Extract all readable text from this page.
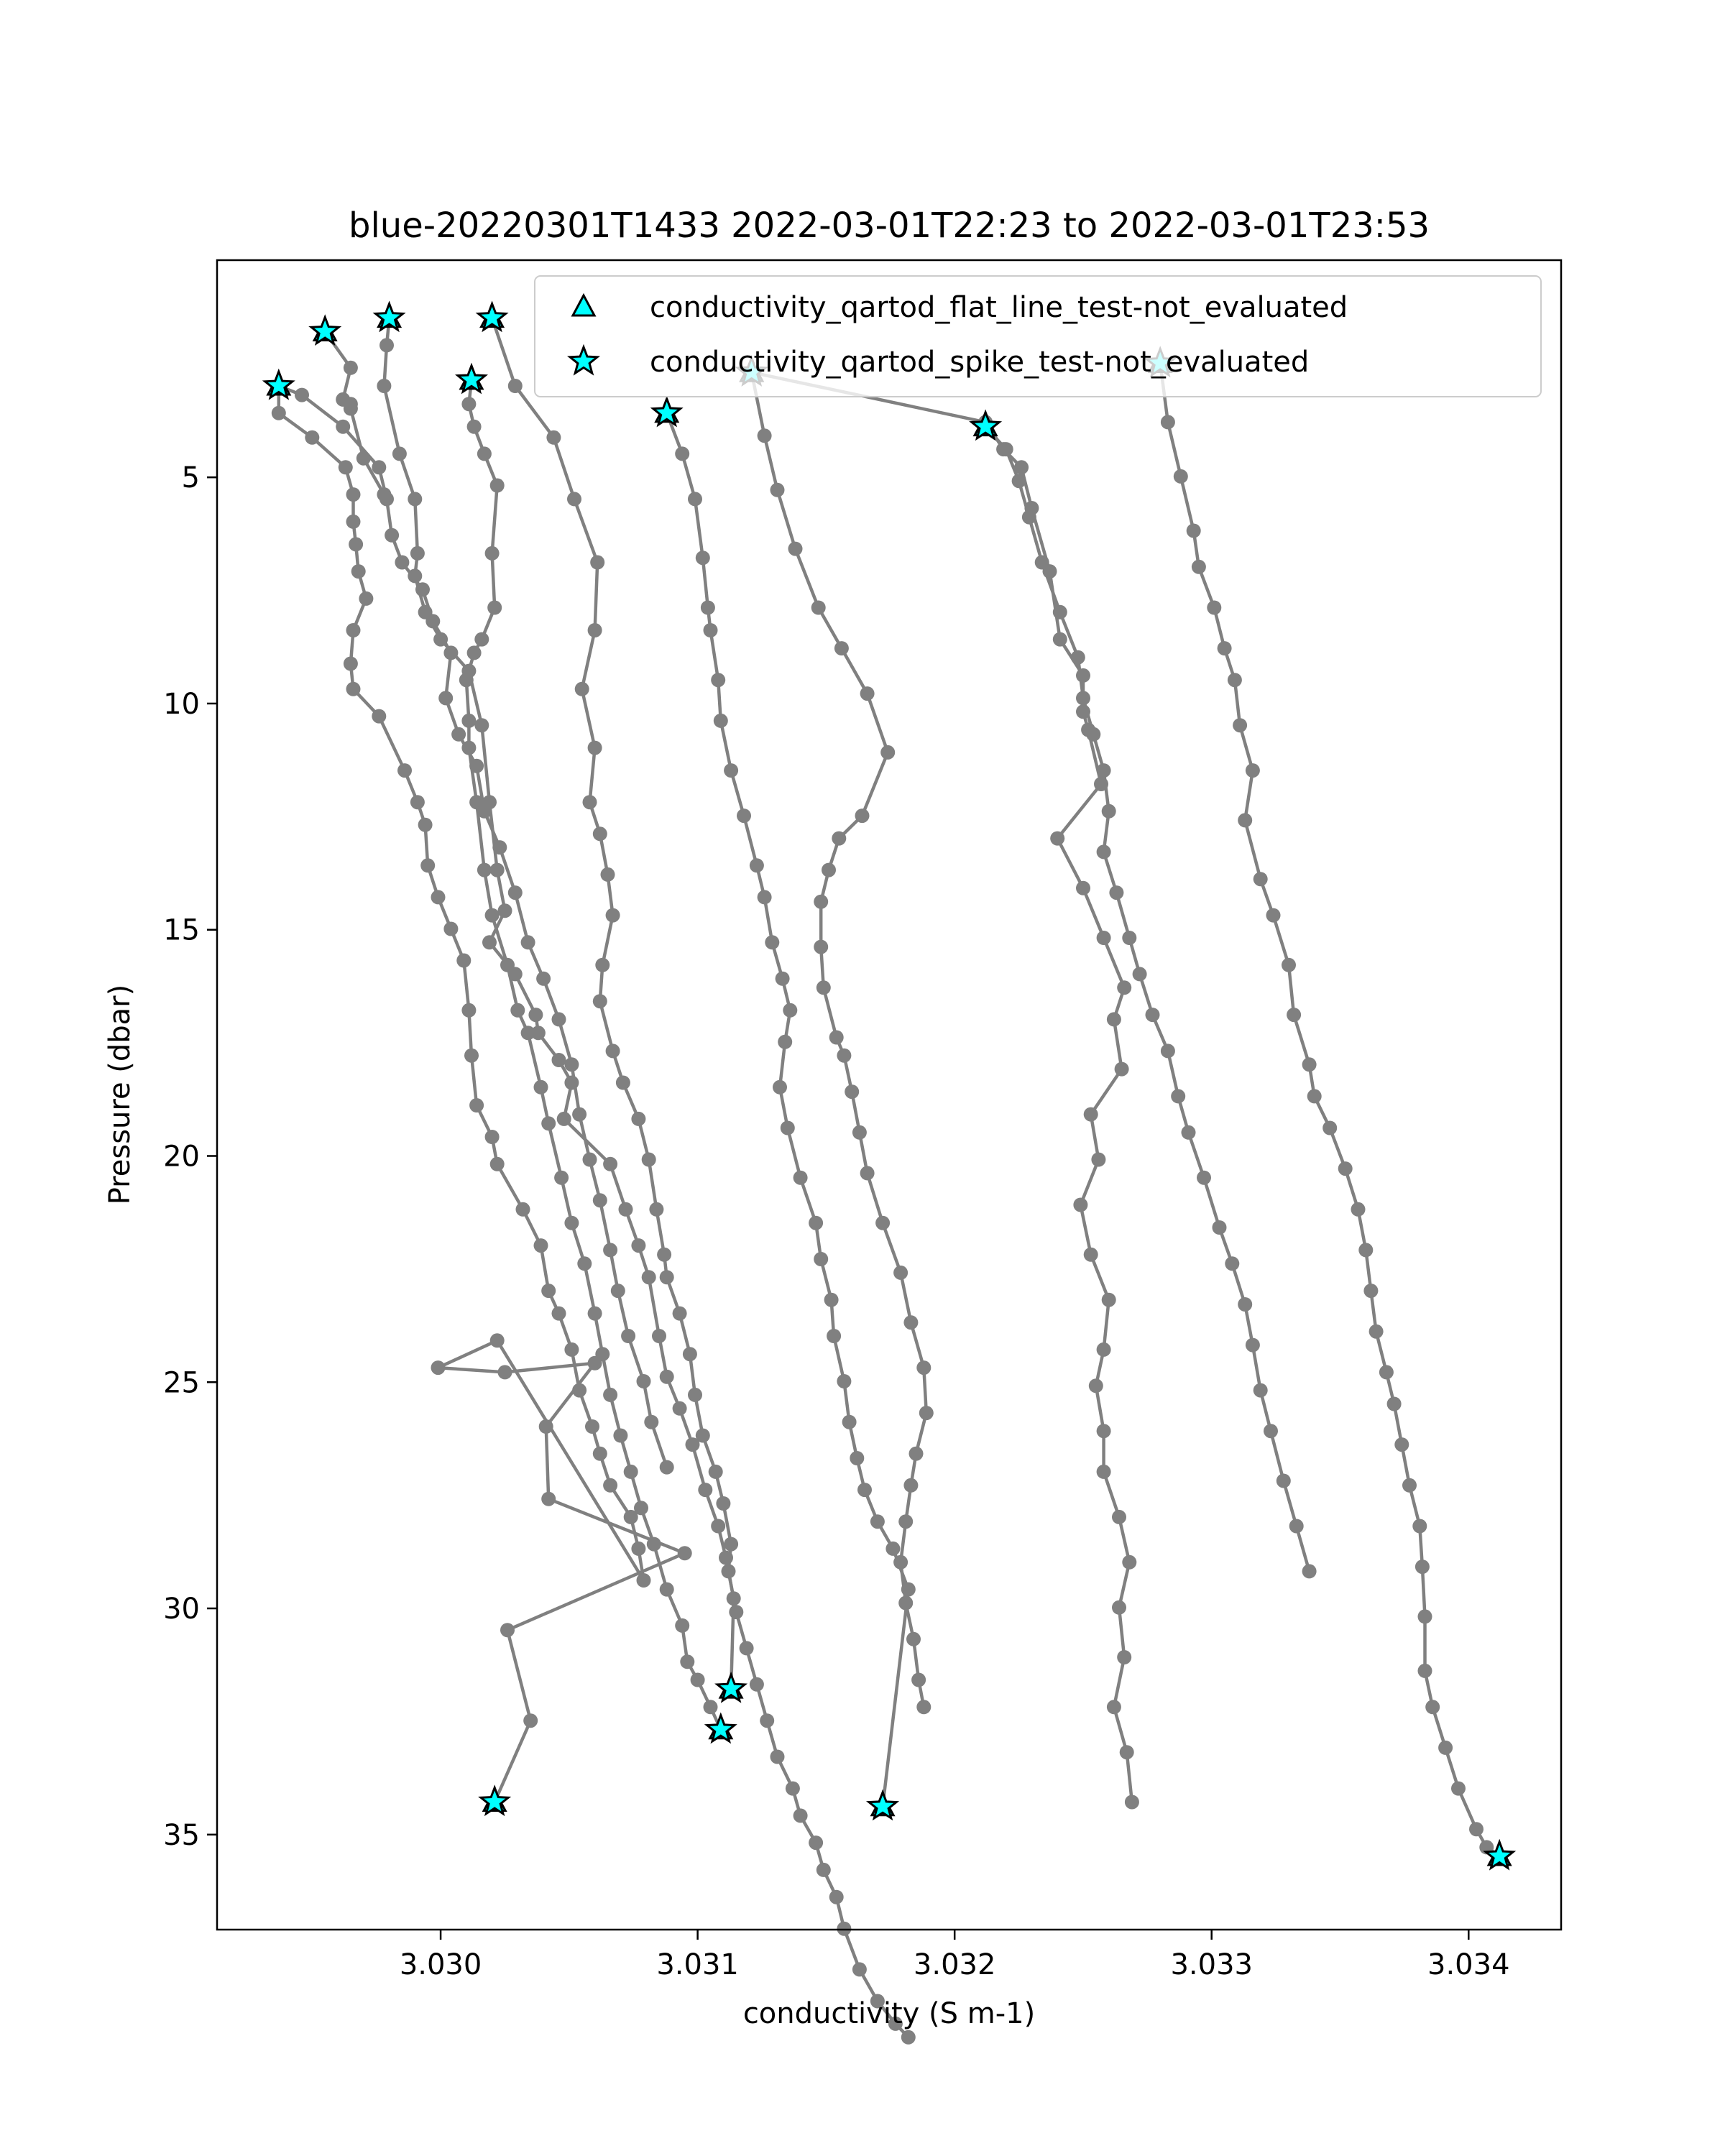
blue-20220301T1433 2022-03-01T22:23 to 2022-03-01T23:53
3.030	3.031	3.032	3.033	3.034
5
10
15
20
25
30
35
conductivity (S m-1)
Pressure (dbar)
conductivity_qartod_flat_line_test-not_evaluated
conductivity_qartod_spike_test-not_evaluated
